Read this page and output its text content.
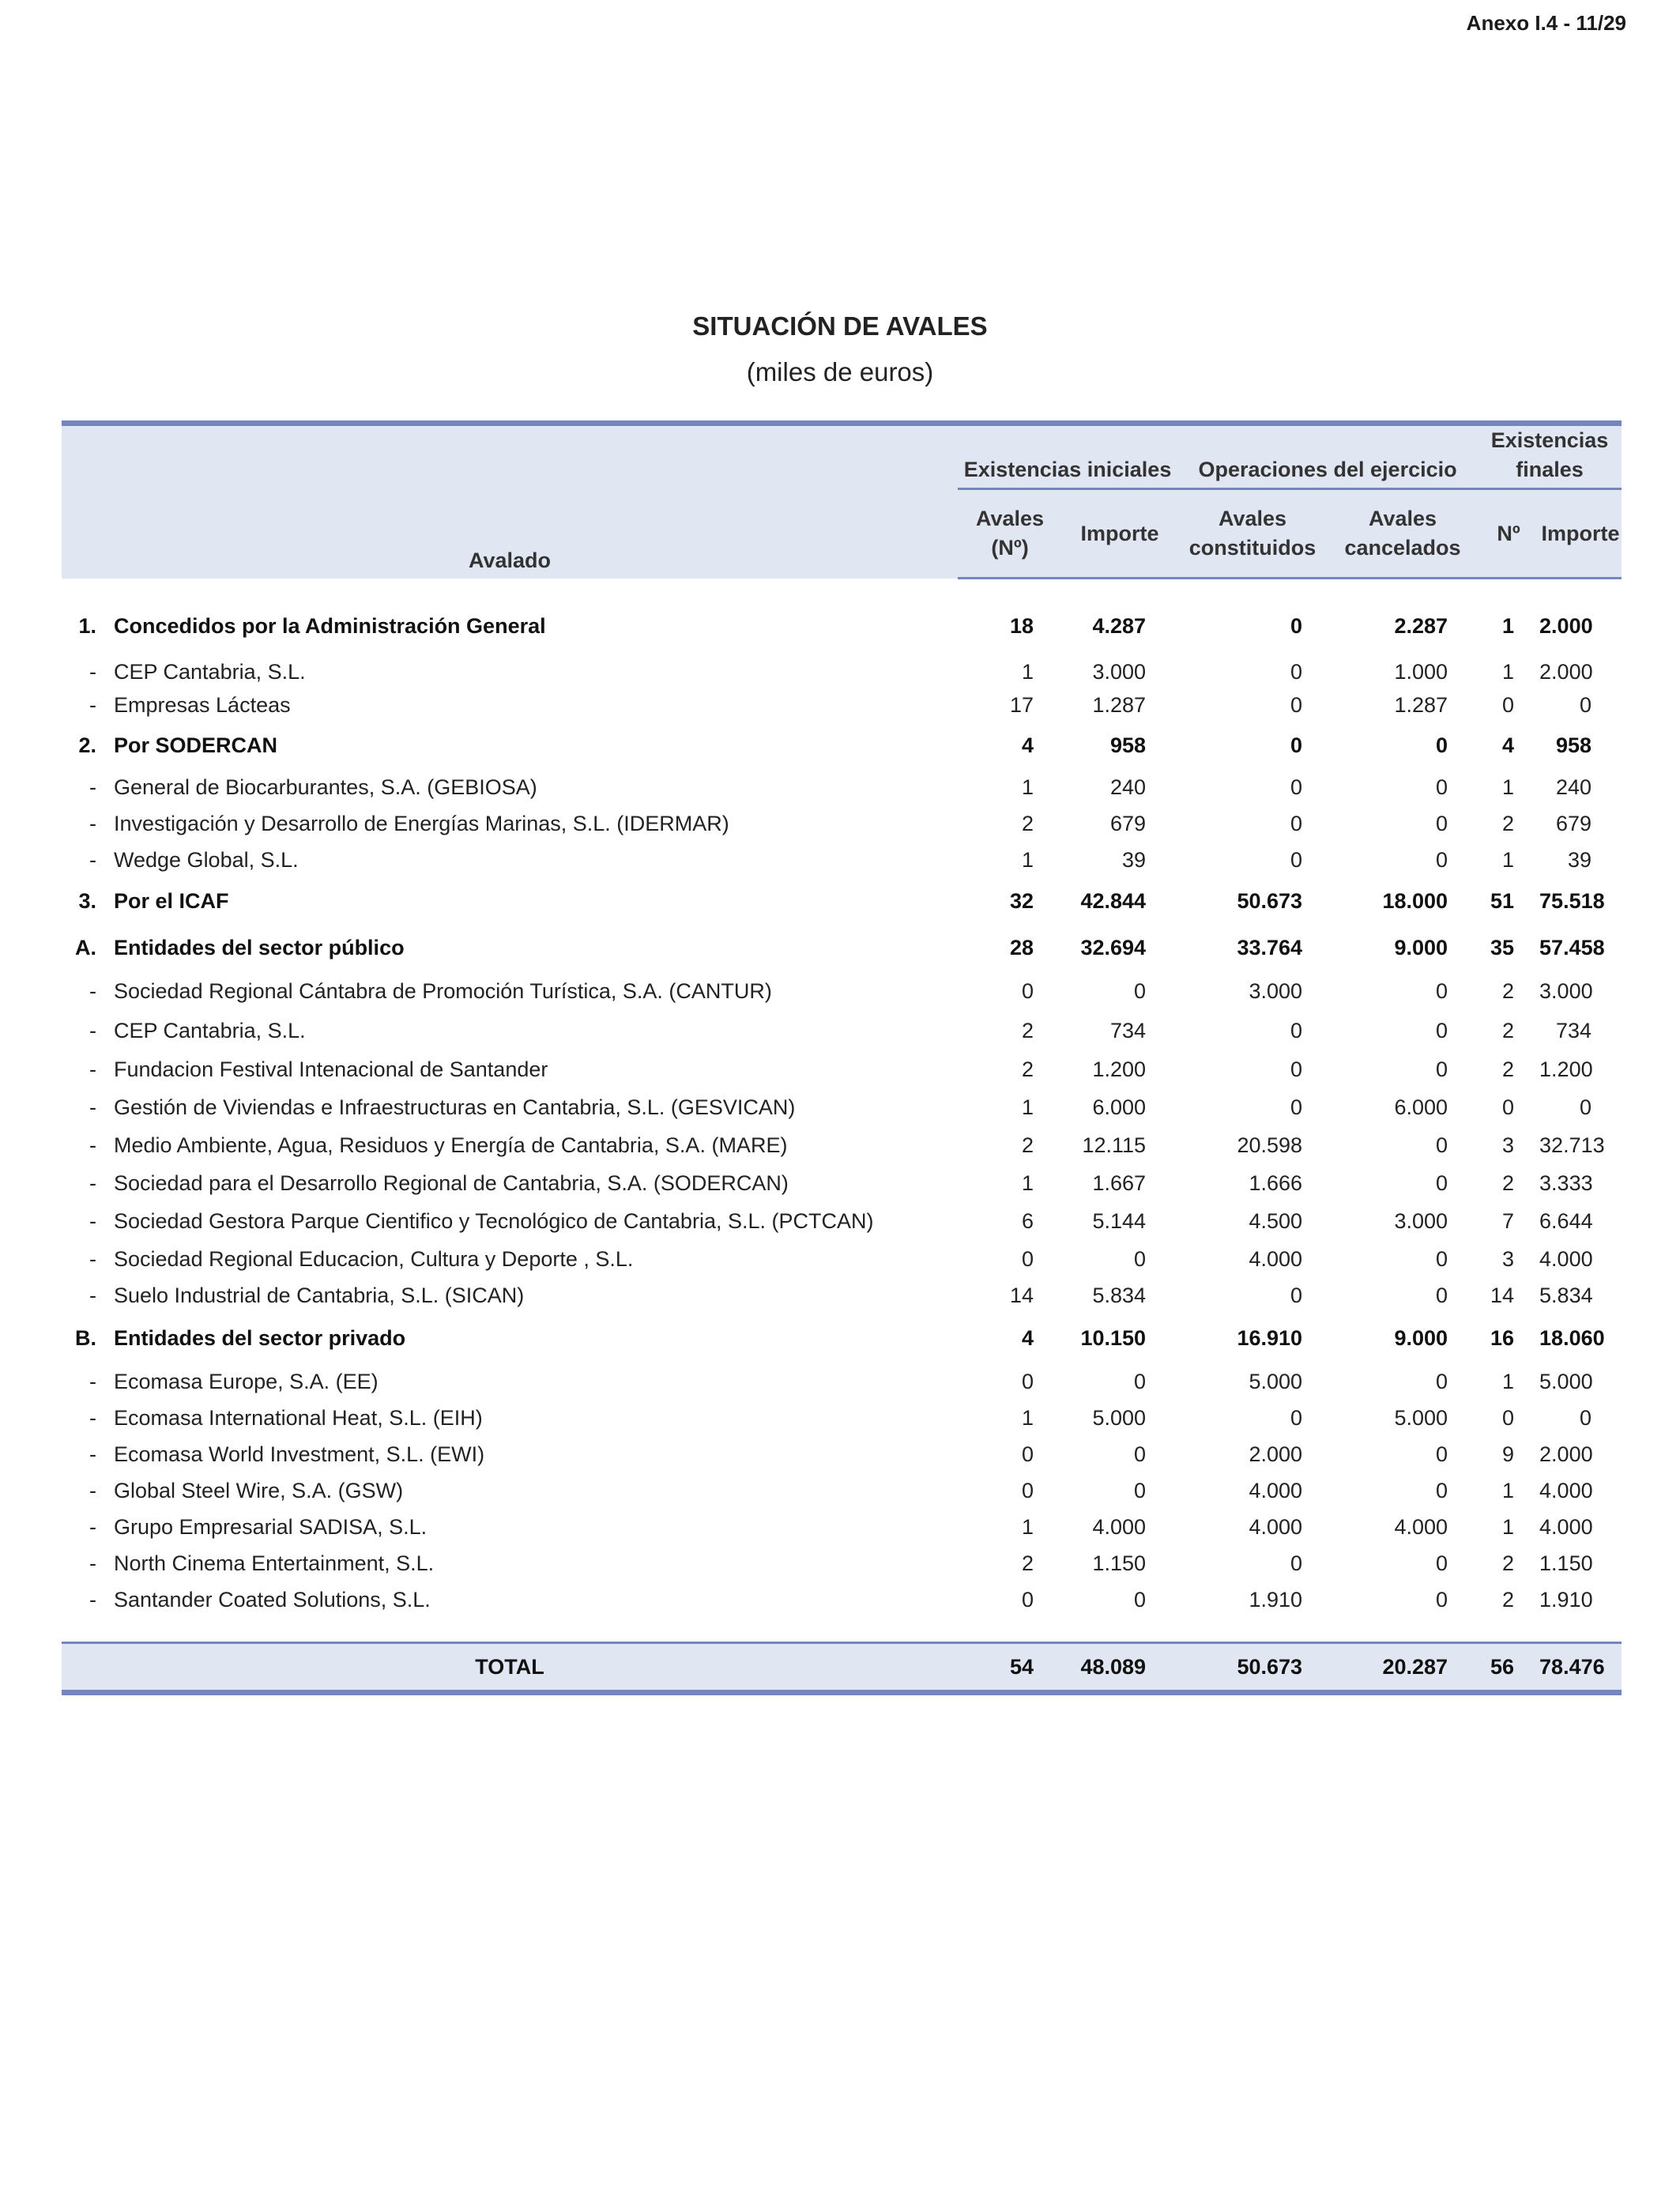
Anexo I.4 - 11/29
SITUACIÓN DE AVALES
(miles de euros)
Avalado		Existencias iniciales		Operaciones del ejercicio		Existencias finales	
		Avales (Nº)	Importe	Avales constituidos	Avales cancelados	Nº	Importe

1.	Concedidos por la Administración General	18	4.287	0	2.287	1	2.000
-	CEP Cantabria, S.L.	1	3.000	0	1.000	1	2.000
-	Empresas Lácteas	17	1.287	0	1.287	0	0
2.	Por SODERCAN	4	958	0	0	4	958
-	General de Biocarburantes, S.A. (GEBIOSA)	1	240	0	0	1	240
-	Investigación y Desarrollo de Energías Marinas, S.L. (IDERMAR)	2	679	0	0	2	679
-	Wedge Global, S.L.	1	39	0	0	1	39
3.	Por el ICAF	32	42.844	50.673	18.000	51	75.518
A.	Entidades del sector público	28	32.694	33.764	9.000	35	57.458
-	Sociedad Regional Cántabra de Promoción Turística, S.A. (CANTUR)	0	0	3.000	0	2	3.000
-	CEP Cantabria, S.L.	2	734	0	0	2	734
-	Fundacion Festival Intenacional de Santander	2	1.200	0	0	2	1.200
-	Gestión de Viviendas e Infraestructuras en Cantabria, S.L. (GESVICAN)	1	6.000	0	6.000	0	0
-	Medio Ambiente, Agua, Residuos y Energía de Cantabria, S.A. (MARE)	2	12.115	20.598	0	3	32.713
-	Sociedad para el Desarrollo Regional de Cantabria, S.A. (SODERCAN)	1	1.667	1.666	0	2	3.333
-	Sociedad Gestora Parque Cientifico y Tecnológico de Cantabria, S.L. (PCTCAN)	6	5.144	4.500	3.000	7	6.644
-	Sociedad Regional Educacion, Cultura y Deporte , S.L.	0	0	4.000	0	3	4.000
-	Suelo Industrial de Cantabria, S.L. (SICAN)	14	5.834	0	0	14	5.834
B.	Entidades del sector privado	4	10.150	16.910	9.000	16	18.060
-	Ecomasa Europe, S.A. (EE)	0	0	5.000	0	1	5.000
-	Ecomasa International Heat, S.L. (EIH)	1	5.000	0	5.000	0	0
-	Ecomasa World Investment, S.L. (EWI)	0	0	2.000	0	9	2.000
-	Global Steel Wire, S.A. (GSW)	0	0	4.000	0	1	4.000
-	Grupo Empresarial SADISA, S.L.	1	4.000	4.000	4.000	1	4.000
-	North Cinema Entertainment, S.L.	2	1.150	0	0	2	1.150
-	Santander Coated Solutions, S.L.	0	0	1.910	0	2	1.910

TOTAL		54	48.089	50.673	20.287	56	78.476
